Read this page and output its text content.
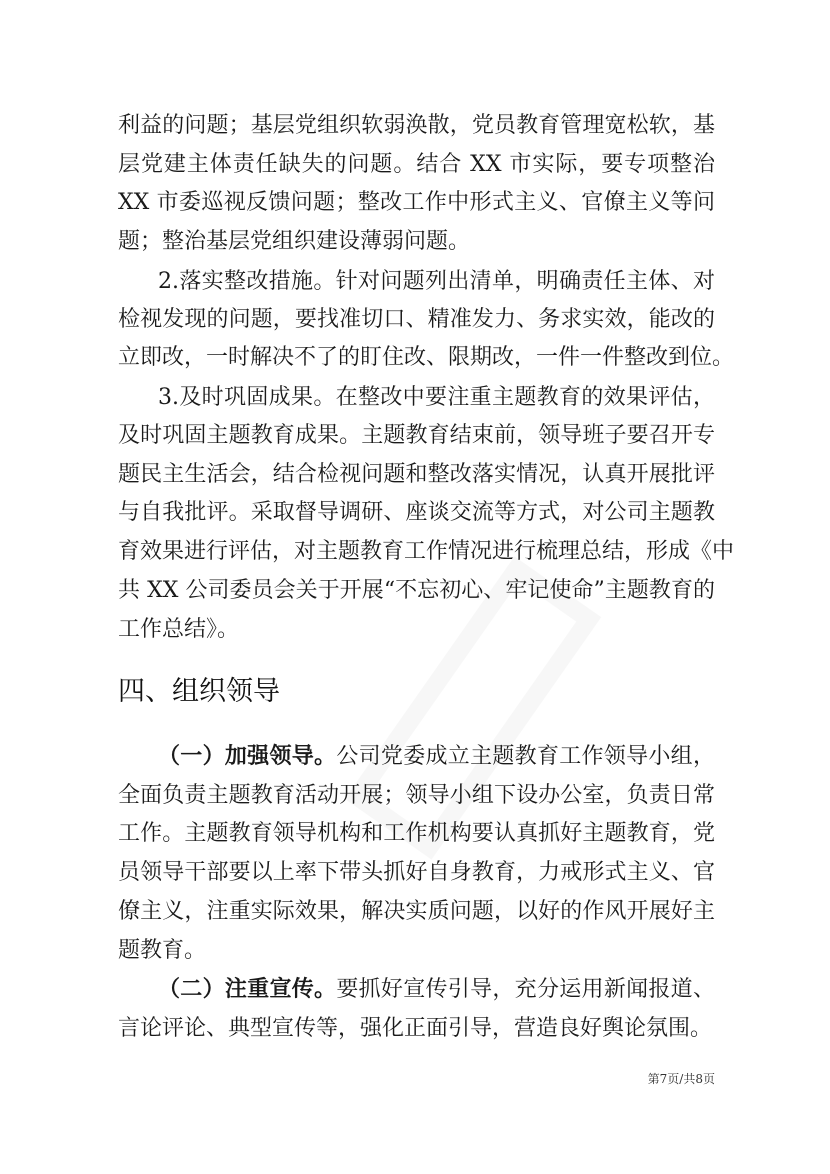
利益的问题；基层党组织软弱涣散，党员教育管理宽松软，基
层党建主体责任缺失的问题。结合 XX 市实际，要专项整治
XX 市委巡视反馈问题；整改工作中形式主义、官僚主义等问
题；整治基层党组织建设薄弱问题。
2.落实整改措施。针对问题列出清单，明确责任主体、对
检视发现的问题，要找准切口、精准发力、务求实效，能改的
立即改，一时解决不了的盯住改、限期改，一件一件整改到位。
3.及时巩固成果。在整改中要注重主题教育的效果评估，
及时巩固主题教育成果。主题教育结束前，领导班子要召开专
题民主生活会，结合检视问题和整改落实情况，认真开展批评
与自我批评。采取督导调研、座谈交流等方式，对公司主题教
育效果进行评估，对主题教育工作情况进行梳理总结，形成《中
共 XX 公司委员会关于开展“不忘初心、牢记使命”主题教育的
工作总结》。
（一）加强领导。公司党委成立主题教育工作领导小组，
全面负责主题教育活动开展；领导小组下设办公室，负责日常
工作。主题教育领导机构和工作机构要认真抓好主题教育，党
员领导干部要以上率下带头抓好自身教育，力戒形式主义、官
僚主义，注重实际效果，解决实质问题，以好的作风开展好主
题教育。
（二）注重宣传。要抓好宣传引导，充分运用新闻报道、
言论评论、典型宣传等，强化正面引导，营造良好舆论氛围。
四、组织领导
第7页/共8页
